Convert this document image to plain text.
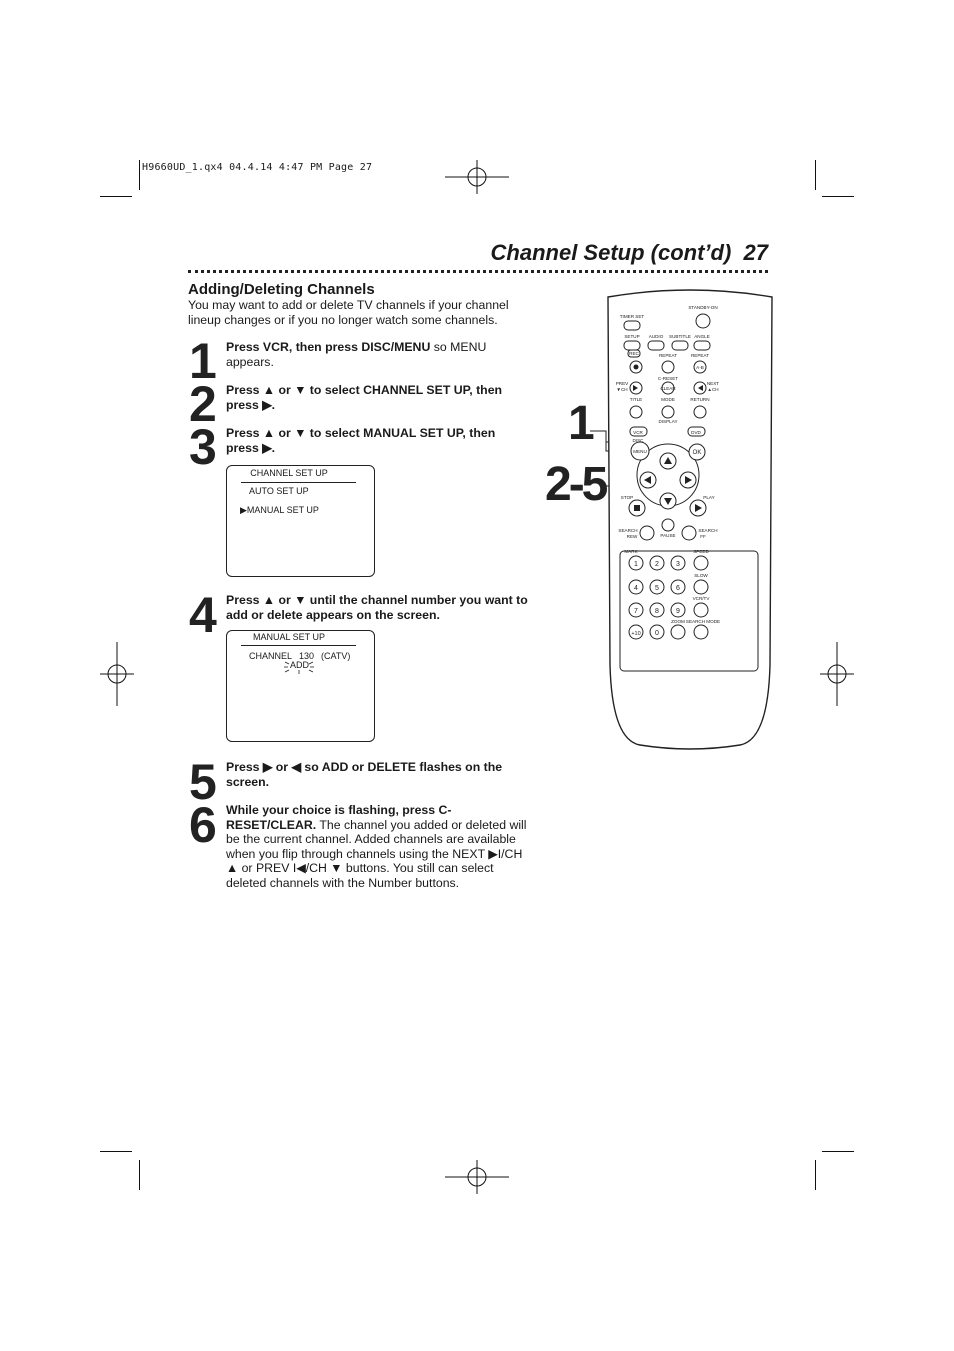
H9660UD_1.qx4 04.4.14 4:47 PM Page 27
Channel Setup (cont’d) 27
Adding/Deleting Channels
You may want to add or delete TV channels if your channel lineup changes or if you no longer watch some channels.
1
2
3
4
5
6
Press VCR, then press DISC/MENU so MENU appears.
Press ▲ or ▼ to select CHANNEL SET UP, then press ▶.
Press ▲ or ▼ to select MANUAL SET UP, then press ▶.
Press ▲ or ▼ until the channel number you want to add or delete appears on the screen.
Press ▶ or ◀ so ADD or DELETE flashes on the screen.
While your choice is flashing, press C-RESET/CLEAR. The channel you added or deleted will be the current channel. Added channels are available when you flip through channels using the NEXT ▶I/CH ▲ or PREV I◀/CH ▼ buttons. You still can select deleted channels with the Number buttons.
CHANNEL SET UP
AUTO SET UP
▶MANUAL SET UP
MANUAL SET UP
CHANNEL 130 (CATV)
ADD
1
2-5
STANDBY-ON
TIMER SET
SETUP AUDIO SUBTITLE ANGLE
REC	REPEAT	REPEAT
A-B
C-RESET
CLEAR
PREV
▼CH
NEXT
▲CH
TITLE	MODE	RETURN
DISPLAY
VCR	DVD
DISC
MENU	OK
STOP	PLAY
SEARCH
REW	PAUSE
SEARCH
FF
MARK	SPEED
SLOW
VCR/TV
ZOOM SEARCH MODE
1 2 3
4 5 6
7 8 9
+10 0
